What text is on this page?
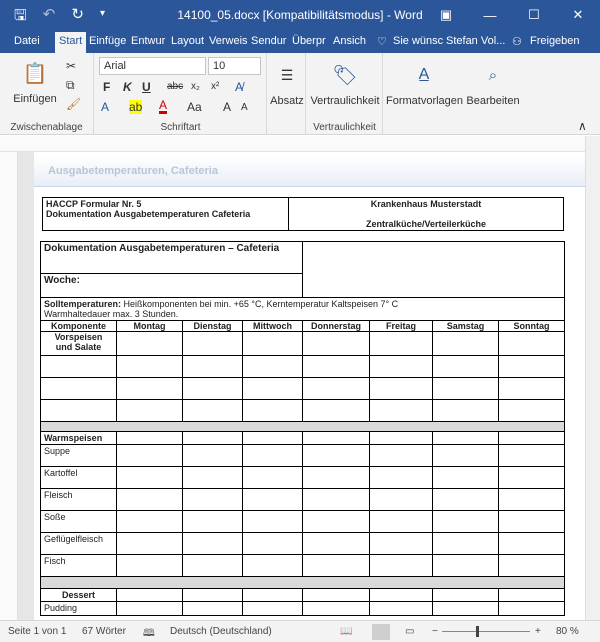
🖫 ↶ ↻ ▾	14100_05.docx [Kompatibilitätsmodus] - Word	▣	—	☐	✕
Datei	Start Einfüge Entwur Layout Verweis Sendur Überpr Ansich ♡ Sie wünsc Stefan Vol... ⚇ Freigeben
📋
Einfügen
✂
⧉
🖌
Zwischenablage
Arial	10
F K U abc x₂ x² A̸
A ab A Aa A A
Schriftart
☰
Absatz
🏷
Vertraulichkeit
Vertraulichkeit
A̲
Formatvorlagen
⌕
Bearbeiten
∧
Ausgabetemperaturen, Cafeteria
HACCP Formular Nr. 5
Dokumentation Ausgabetemperaturen Cafeteria

Krankenhaus Musterstadt
Zentralküche/Verteilerküche
Dokumentation Ausgabetemperaturen – Cafeteria							
Woche:							
Solltemperaturen: Heißkomponenten bei min. +65 °C, Kerntemperatur Kaltspeisen 7° C
Warmhaltedauer max. 3 Stunden.							
Komponente	Montag	Dienstag	Mittwoch	Donnerstag	Freitag	Samstag	Sonntag
Vorspeisen und Salate							

Warmspeisen							
Suppe							
Kartoffel							
Fleisch							
Soße							
Geflügelfleisch							
Fisch							

Dessert							
Pudding							
Seite 1 von 1 67 Wörter 🕮 Deutsch (Deutschland)	📖	▭ −	+ 80 %
